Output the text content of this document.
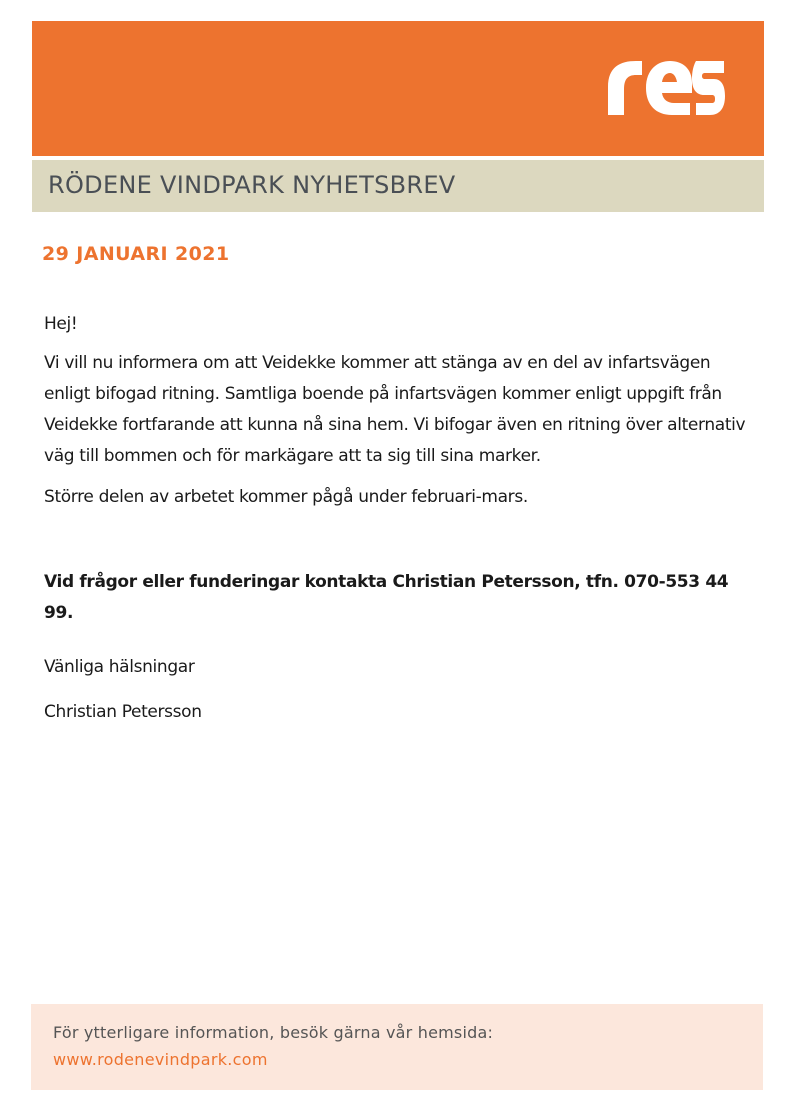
RÖDENE VINDPARK NYHETSBREV
29 JANUARI 2021
Hej!
Vi vill nu informera om att Veidekke kommer att stänga av en del av infartsvägen enligt bifogad ritning. Samtliga boende på infartsvägen kommer enligt uppgift från Veidekke fortfarande att kunna nå sina hem. Vi bifogar även en ritning över alternativ väg till bommen och för markägare att ta sig till sina marker.
Större delen av arbetet kommer pågå under februari-mars.
Vid frågor eller funderingar kontakta Christian Petersson, tfn. 070-553 44 99.
Vänliga hälsningar
Christian Petersson
För ytterligare information, besök gärna vår hemsida:
www.rodenevindpark.com
